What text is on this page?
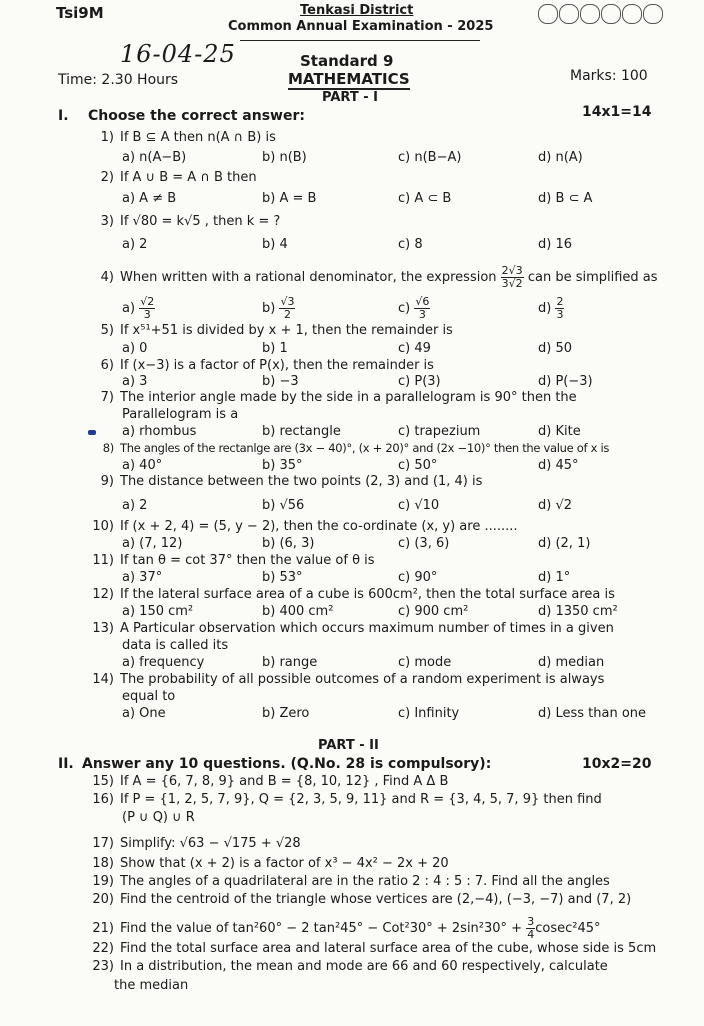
Tsi9M	Tenkasi District
Common Annual Examination - 2025
16-04-25	Standard 9
Time: 2.30 Hours	MATHEMATICS	Marks: 100
PART - I
I. Choose the correct answer:	14x1=14
1) If B ⊆ A then n(A ∩ B) is
a) n(A−B)	b) n(B)	c) n(B−A)	d) n(A)
2) If A ∪ B = A ∩ B then
a) A ≠ B	b) A = B	c) A ⊂ B	d) B ⊂ A
3) If √80 = k√5 , then k = ?
a) 2	b) 4	c) 8	d) 16
4) When written with a rational denominator, the expression $\frac{2√3}{3√2}$ can be simplified as
$a) \frac{√2}{3}$	$b) \frac{√3}{2}$	$c) \frac{√6}{3}$	$d) \frac{2}{3}$
5) If x⁵¹+51 is divided by x + 1, then the remainder is
a) 0	b) 1	c) 49	d) 50
6) If (x−3) is a factor of P(x), then the remainder is
a) 3	b) −3	c) P(3)	d) P(−3)
7) The interior angle made by the side in a parallelogram is 90° then the
Parallelogram is a
a) rhombus	b) rectangle	c) trapezium	d) Kite
8) The angles of the rectanlge are (3x − 40)°, (x + 20)° and (2x −10)° then the value of x is
a) 40°	b) 35°	c) 50°	d) 45°
9) The distance between the two points (2, 3) and (1, 4) is
a) 2	b) √56	c) √10	d) √2
10) If (x + 2, 4) = (5, y − 2), then the co-ordinate (x, y) are ........
a) (7, 12)	b) (6, 3)	c) (3, 6)	d) (2, 1)
11) If tan θ = cot 37° then the value of θ is
a) 37°	b) 53°	c) 90°	d) 1°
12) If the lateral surface area of a cube is 600cm², then the total surface area is
a) 150 cm²	b) 400 cm²	c) 900 cm²	d) 1350 cm²
13) A Particular observation which occurs maximum number of times in a given
data is called its
a) frequency	b) range	c) mode	d) median
14) The probability of all possible outcomes of a random experiment is always
equal to
a) One	b) Zero	c) Infinity	d) Less than one
PART - II
II. Answer any 10 questions. (Q.No. 28 is compulsory):	10x2=20
15) If A = {6, 7, 8, 9} and B = {8, 10, 12} , Find A Δ B
16) If P = {1, 2, 5, 7, 9}, Q = {2, 3, 5, 9, 11} and R = {3, 4, 5, 7, 9} then find
(P ∪ Q) ∪ R
17) Simplify: √63 − √175 + √28
18) Show that (x + 2) is a factor of x³ − 4x² − 2x + 20
19) The angles of a quadrilateral are in the ratio 2 : 4 : 5 : 7. Find all the angles
20) Find the centroid of the triangle whose vertices are (2,−4), (−3, −7) and (7, 2)
21) Find the value of tan²60° − 2 $\tan^245^\circ - Cot^230^\circ + 2\sin^230^\circ + \frac{3}{4} cosec^245^\circ$
22) Find the total surface area and lateral surface area of the cube, whose side is 5cm
23) In a distribution, the mean and mode are 66 and 60 respectively, calculate
the median
